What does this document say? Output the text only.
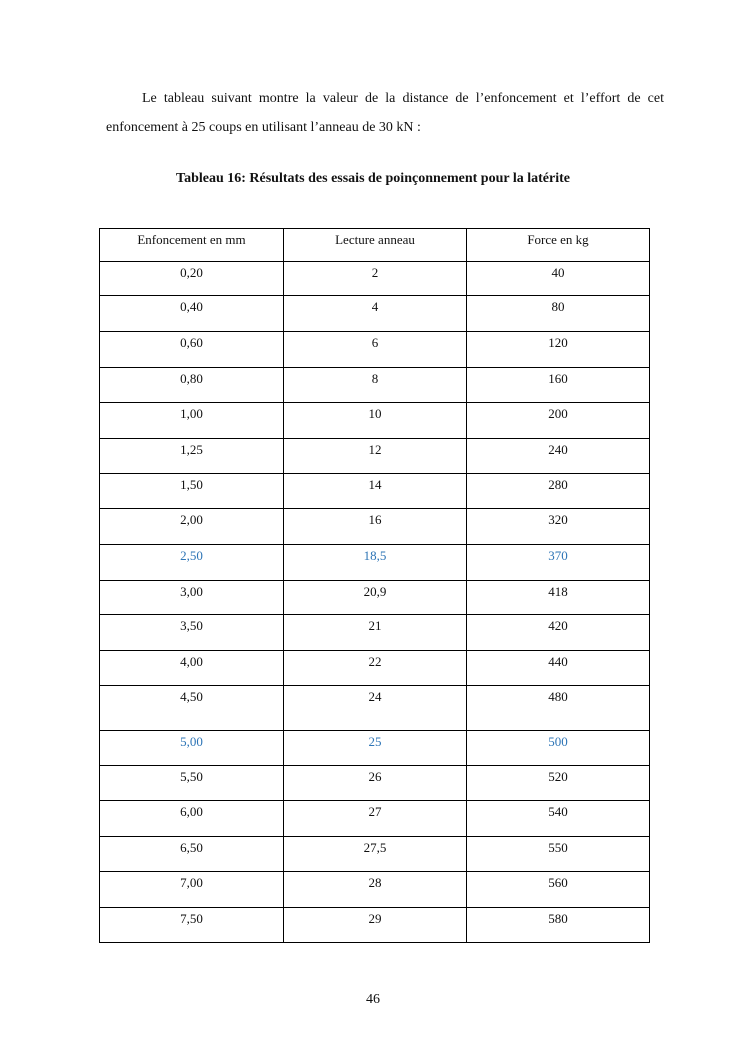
Le tableau suivant montre la valeur de la distance de l’enfoncement et l’effort de cet enfoncement à 25 coups en utilisant l’anneau de 30 kN :
Tableau 16: Résultats des essais de poinçonnement pour la latérite
Enfoncement en mm	Lecture anneau	Force en kg
0,20	2	40
0,40	4	80
0,60	6	120
0,80	8	160
1,00	10	200
1,25	12	240
1,50	14	280
2,00	16	320
2,50	18,5	370
3,00	20,9	418
3,50	21	420
4,00	22	440
4,50	24	480
5,00	25	500
5,50	26	520
6,00	27	540
6,50	27,5	550
7,00	28	560
7,50	29	580
46
